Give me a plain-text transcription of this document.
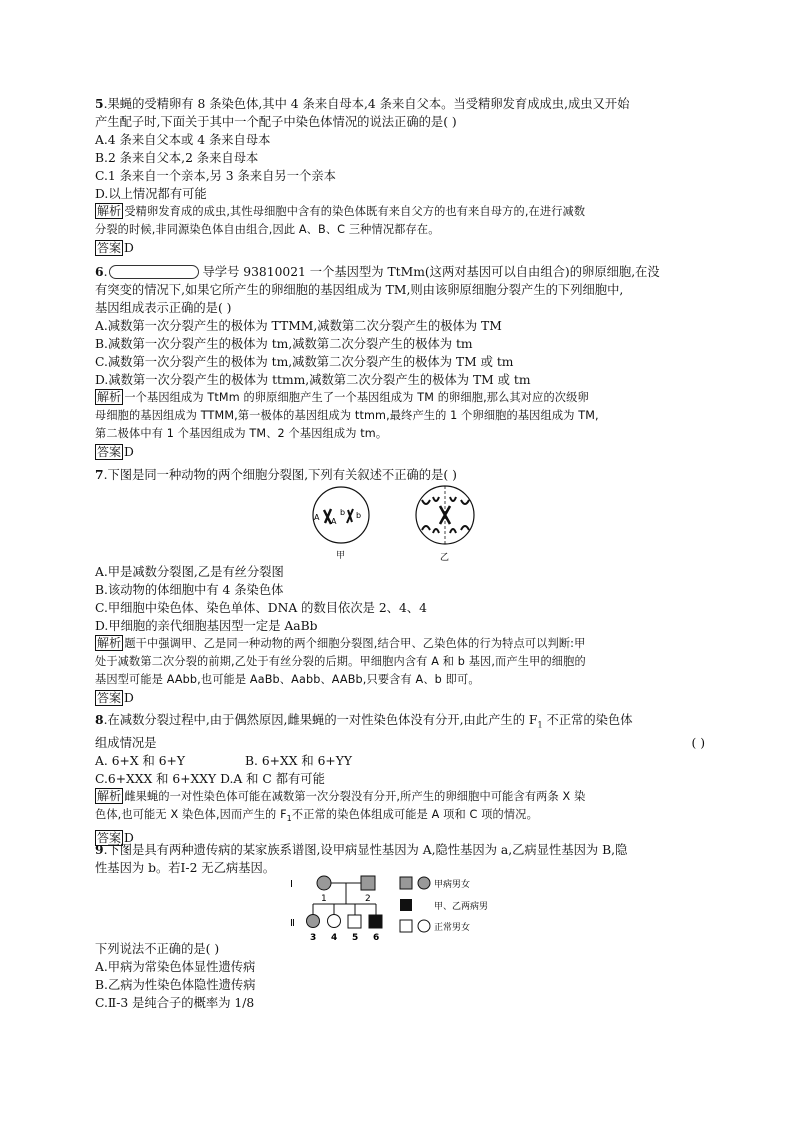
5.果蝇的受精卵有 8 条染色体,其中 4 条来自母本,4 条来自父本。当受精卵发育成成虫,成虫又开始
产生配子时,下面关于其中一个配子中染色体情况的说法正确的是( )
A.4 条来自父本或 4 条来自母本
B.2 条来自父本,2 条来自母本
C.1 条来自一个亲本,另 3 条来自另一个亲本
D.以上情况都有可能
解析 受精卵发育成的成虫,其性母细胞中含有的染色体既有来自父方的也有来自母方的,在进行减数
分裂的时候,非同源染色体自由组合,因此 A、B、C 三种情况都存在。
答案 D
6.	导学号 93810021 一个基因型为 TtMm(这两对基因可以自由组合)的卵原细胞,在没
有突变的情况下,如果它所产生的卵细胞的基因组成为 TM,则由该卵原细胞分裂产生的下列细胞中,
基因组成表示正确的是( )
A.减数第一次分裂产生的极体为 TTMM,减数第二次分裂产生的极体为 TM
B.减数第一次分裂产生的极体为 tm,减数第二次分裂产生的极体为 tm
C.减数第一次分裂产生的极体为 tm,减数第二次分裂产生的极体为 TM 或 tm
D.减数第一次分裂产生的极体为 ttmm,减数第二次分裂产生的极体为 TM 或 tm
解析 一个基因组成为 TtMm 的卵原细胞产生了一个基因组成为 TM 的卵细胞,那么其对应的次级卵
母细胞的基因组成为 TTMM,第一极体的基因组成为 ttmm,最终产生的 1 个卵细胞的基因组成为 TM,
第二极体中有 1 个基因组成为 TM、2 个基因组成为 tm。
答案 D
7.下图是同一种动物的两个细胞分裂图,下列有关叙述不正确的是( )
A A
b b
甲	乙
A.甲是减数分裂图,乙是有丝分裂图
B.该动物的体细胞中有 4 条染色体
C.甲细胞中染色体、染色单体、DNA 的数目依次是 2、4、4
D.甲细胞的亲代细胞基因型一定是 AaBb
解析 题干中强调甲、乙是同一种动物的两个细胞分裂图,结合甲、乙染色体的行为特点可以判断:甲
处于减数第二次分裂的前期,乙处于有丝分裂的后期。甲细胞内含有 A 和 b 基因,而产生甲的细胞的
基因型可能是 AAbb,也可能是 AaBb、Aabb、AABb,只要含有 A、b 即可。
答案 D
8.在减数分裂过程中,由于偶然原因,雌果蝇的一对性染色体没有分开,由此产生的 $F_1$ 不正常的染色体
组成情况是	( )
A. 6+X 和 6+Y	B. 6+XX 和 6+YY
C.6+XXX 和 6+XXY D.A 和 C 都有可能
解析 雌果蝇的一对性染色体可能在减数第一次分裂没有分开,所产生的卵细胞中可能含有两条 X 染
色体,也可能无 X 染色体,因而产生的 $F_1$不正常的染色体组成可能是 A 项和 C 项的情况。
答案 D
9.下图是具有两种遗传病的某家族系谱图,设甲病显性基因为 A,隐性基因为 a,乙病显性基因为 B,隐
性基因为 b。若Ⅰ-2 无乙病基因。
Ⅰ
Ⅱ
1	2
3 4 5 6
甲病男女
甲、乙两病男
正常男女
下列说法不正确的是( )
A.甲病为常染色体显性遗传病
B.乙病为性染色体隐性遗传病
C.Ⅱ-3 是纯合子的概率为 1/8
